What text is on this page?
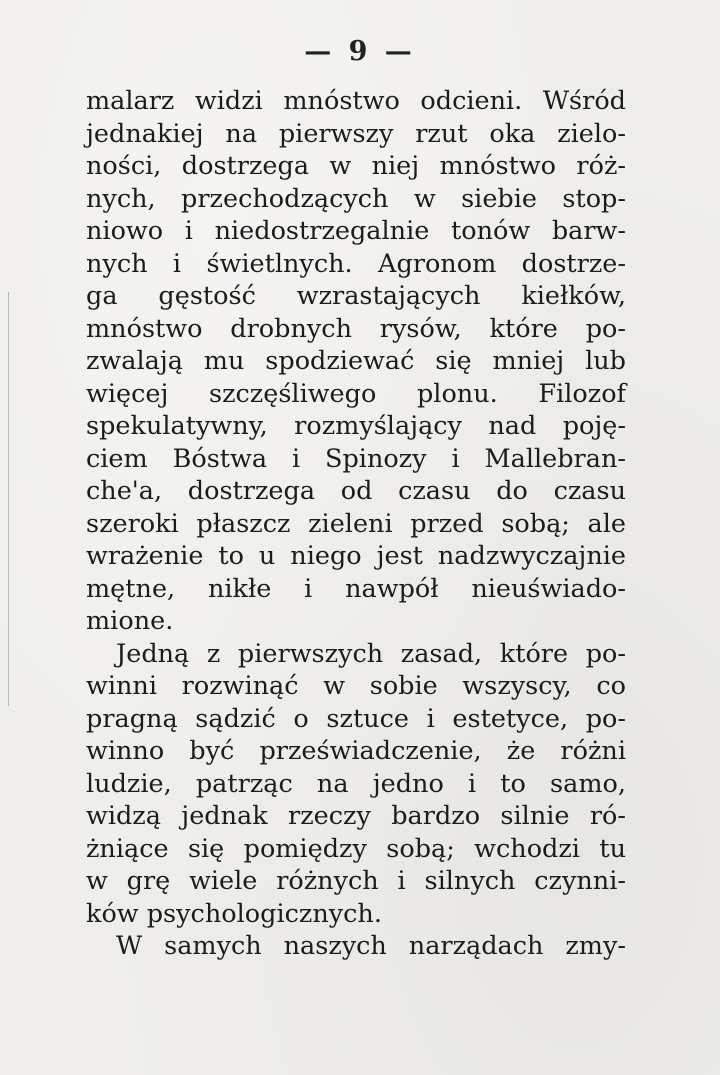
— 9 —
malarz widzi mnóstwo odcieni. Wśród
jednakiej na pierwszy rzut oka zielo-
ności, dostrzega w niej mnóstwo róż-
nych, przechodzących w siebie stop-
niowo i niedostrzegalnie tonów barw-
nych i świetlnych. Agronom dostrze-
ga gęstość wzrastających kiełków,
mnóstwo drobnych rysów, które po-
zwalają mu spodziewać się mniej lub
więcej szczęśliwego plonu. Filozof
spekulatywny, rozmyślający nad poję-
ciem Bóstwa i Spinozy i Mallebran-
che'a, dostrzega od czasu do czasu
szeroki płaszcz zieleni przed sobą; ale
wrażenie to u niego jest nadzwyczajnie
mętne, nikłe i nawpół nieuświado-
mione.
Jedną z pierwszych zasad, które po-
winni rozwinąć w sobie wszyscy, co
pragną sądzić o sztuce i estetyce, po-
winno być przeświadczenie, że różni
ludzie, patrząc na jedno i to samo,
widzą jednak rzeczy bardzo silnie ró-
żniące się pomiędzy sobą; wchodzi tu
w grę wiele różnych i silnych czynni-
ków psychologicznych.
W samych naszych narządach zmy-
